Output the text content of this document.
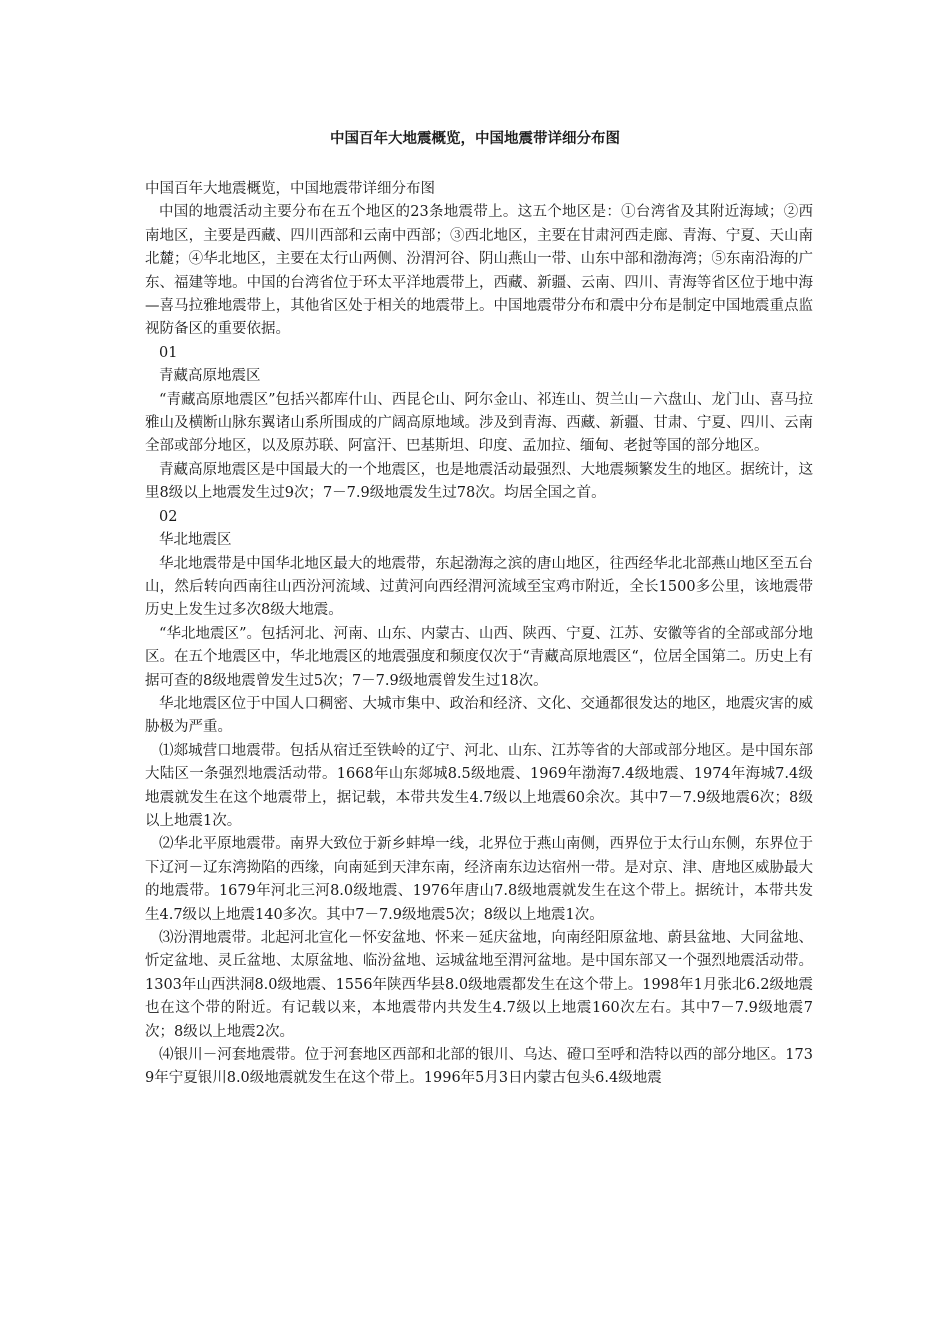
中国百年大地震概览，中国地震带详细分布图

中国百年大地震概览，中国地震带详细分布图

中国的地震活动主要分布在五个地区的23条地震带上。这五个地区是：①台湾省及其附近海域；②西南地区，主要是西藏、四川西部和云南中西部；③西北地区，主要在甘肃河西走廊、青海、宁夏、天山南北麓；④华北地区，主要在太行山两侧、汾渭河谷、阴山燕山一带、山东中部和渤海湾；⑤东南沿海的广东、福建等地。中国的台湾省位于环太平洋地震带上，西藏、新疆、云南、四川、青海等省区位于地中海—喜马拉雅地震带上，其他省区处于相关的地震带上。中国地震带分布和震中分布是制定中国地震重点监视防备区的重要依据。

01

青藏高原地震区

“青藏高原地震区”包括兴都库什山、西昆仑山、阿尔金山、祁连山、贺兰山－六盘山、龙门山、喜马拉雅山及横断山脉东翼诸山系所围成的广阔高原地域。涉及到青海、西藏、新疆、甘肃、宁夏、四川、云南全部或部分地区，以及原苏联、阿富汗、巴基斯坦、印度、孟加拉、缅甸、老挝等国的部分地区。

青藏高原地震区是中国最大的一个地震区，也是地震活动最强烈、大地震频繁发生的地区。据统计，这里8级以上地震发生过9次；7－7.9级地震发生过78次。均居全国之首。

02

华北地震区

华北地震带是中国华北地区最大的地震带，东起渤海之滨的唐山地区，往西经华北北部燕山地区至五台山，然后转向西南往山西汾河流域、过黄河向西经渭河流域至宝鸡市附近，全长1500多公里，该地震带历史上发生过多次8级大地震。

“华北地震区”。包括河北、河南、山东、内蒙古、山西、陕西、宁夏、江苏、安徽等省的全部或部分地区。在五个地震区中，华北地震区的地震强度和频度仅次于“青藏高原地震区“，位居全国第二。历史上有据可查的8级地震曾发生过5次；7－7.9级地震曾发生过18次。

华北地震区位于中国人口稠密、大城市集中、政治和经济、文化、交通都很发达的地区，地震灾害的威胁极为严重。

⑴郯城营口地震带。包括从宿迁至铁岭的辽宁、河北、山东、江苏等省的大部或部分地区。是中国东部大陆区一条强烈地震活动带。1668年山东郯城8.5级地震、1969年渤海7.4级地震、1974年海城7.4级地震就发生在这个地震带上，据记载，本带共发生4.7级以上地震60余次。其中7－7.9级地震6次；8级以上地震1次。

⑵华北平原地震带。南界大致位于新乡蚌埠一线，北界位于燕山南侧，西界位于太行山东侧，东界位于下辽河－辽东湾拗陷的西缘，向南延到天津东南，经济南东边达宿州一带。是对京、津、唐地区威胁最大的地震带。1679年河北三河8.0级地震、1976年唐山7.8级地震就发生在这个带上。据统计，本带共发生4.7级以上地震140多次。其中7－7.9级地震5次；8级以上地震1次。

⑶汾渭地震带。北起河北宣化－怀安盆地、怀来－延庆盆地，向南经阳原盆地、蔚县盆地、大同盆地、忻定盆地、灵丘盆地、太原盆地、临汾盆地、运城盆地至渭河盆地。是中国东部又一个强烈地震活动带。1303年山西洪洞8.0级地震、1556年陕西华县8.0级地震都发生在这个带上。1998年1月张北6.2级地震也在这个带的附近。有记载以来，本地震带内共发生4.7级以上地震160次左右。其中7－7.9级地震7次；8级以上地震2次。

⑷银川－河套地震带。位于河套地区西部和北部的银川、乌达、磴口至呼和浩特以西的部分地区。1739年宁夏银川8.0级地震就发生在这个带上。1996年5月3日内蒙古包头6.4级地震
